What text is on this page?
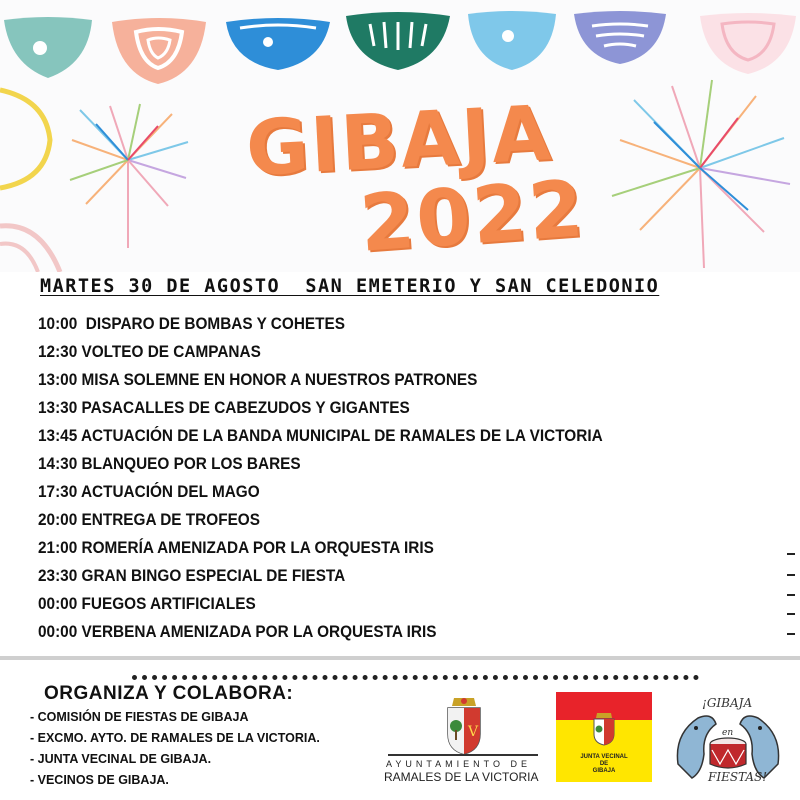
GIBAJA
2022
MARTES 30 DE AGOSTO  SAN EMETERIO Y SAN CELEDONIO
10:00  DISPARO DE BOMBAS Y COHETES
12:30 VOLTEO DE CAMPANAS
13:00 MISA SOLEMNE EN HONOR A NUESTROS PATRONES
13:30 PASACALLES DE CABEZUDOS Y GIGANTES
13:45 ACTUACIÓN DE LA BANDA MUNICIPAL DE RAMALES DE LA VICTORIA
14:30 BLANQUEO POR LOS BARES
17:30 ACTUACIÓN DEL MAGO
20:00 ENTREGA DE TROFEOS
21:00 ROMERÍA AMENIZADA POR LA ORQUESTA IRIS
23:30 GRAN BINGO ESPECIAL DE FIESTA
00:00 FUEGOS ARTIFICIALES
00:00 VERBENA AMENIZADA POR LA ORQUESTA IRIS
ORGANIZA Y COLABORA:
- COMISIÓN DE FIESTAS DE GIBAJA
- EXCMO. AYTO. DE RAMALES DE LA VICTORIA.
- JUNTA VECINAL DE GIBAJA.
- VECINOS DE GIBAJA.
V
AYUNTAMIENTO DE
RAMALES DE LA VICTORIA
JUNTA VECINAL
DE
GIBAJA
¡GIBAJA
en
FIESTAS!
